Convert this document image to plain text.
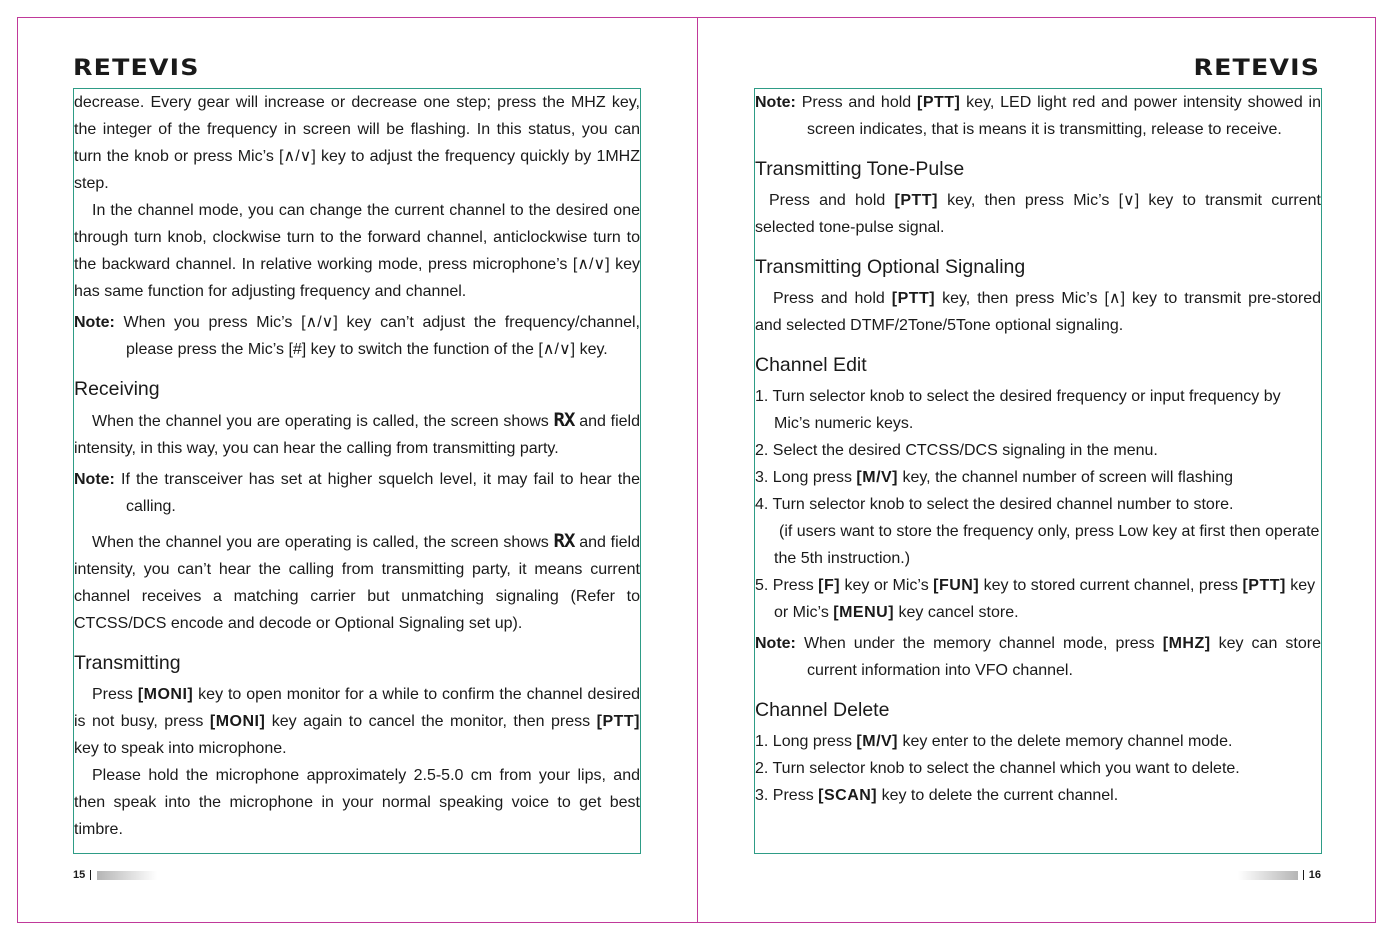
RETEVIS

decrease. Every gear will increase or decrease one step; press the MHZ key, the integer of the frequency in screen will be flashing. In this status, you can turn the knob or press Mic’s [∧/∨] key to adjust the frequency quickly by 1MHZ step.

In the channel mode, you can change the current channel to the desired one through turn knob, clockwise turn to the forward channel, anticlockwise turn to the backward channel. In relative working mode, press microphone’s [∧/∨] key has same function for adjusting frequency and channel.

Note: When you press Mic’s [∧/∨] key can’t adjust the frequency/channel, please press the Mic’s [#] key to switch the function of the [∧/∨] key.

Receiving

When the channel you are operating is called, the screen shows RX and field intensity, in this way, you can hear the calling from transmitting party.

Note: If the transceiver has set at higher squelch level, it may fail to hear the calling.

When the channel you are operating is called, the screen shows RX and field intensity, you can’t hear the calling from transmitting party, it means current channel receives a matching carrier but unmatching signaling (Refer to CTCSS/DCS encode and decode or Optional Signaling set up).

Transmitting

Press [MONI] key to open monitor for a while to confirm the channel desired is not busy, press [MONI] key again to cancel the monitor, then press [PTT] key to speak into microphone.

Please hold the microphone approximately 2.5-5.0 cm from your lips, and then speak into the microphone in your normal speaking voice to get best timbre.

15
RETEVIS

Note: Press and hold [PTT] key, LED light red and power intensity showed in screen indicates, that is means it is transmitting, release to receive.

Transmitting Tone-Pulse

Press and hold [PTT] key, then press Mic’s [∨] key to transmit current selected tone-pulse signal.

Transmitting Optional Signaling

Press and hold [PTT] key, then press Mic’s [∧] key to transmit pre-stored and selected DTMF/2Tone/5Tone optional signaling.

Channel Edit
1. Turn selector knob to select the desired frequency or input frequency by Mic’s numeric keys.
2. Select the desired CTCSS/DCS signaling in the menu.
3. Long press [M/V] key, the channel number of screen will flashing
4. Turn selector knob to select the desired channel number to store.
(if users want to store the frequency only, press Low key at first then operate the 5th instruction.)
5. Press [F] key or Mic’s [FUN] key to stored current channel, press [PTT] key or Mic’s [MENU] key cancel store.

Note: When under the memory channel mode, press [MHZ] key can store current information into VFO channel.

Channel Delete
1. Long press [M/V] key enter to the delete memory channel mode.
2. Turn selector knob to select the channel which you want to delete.
3. Press [SCAN] key to delete the current channel.
16
